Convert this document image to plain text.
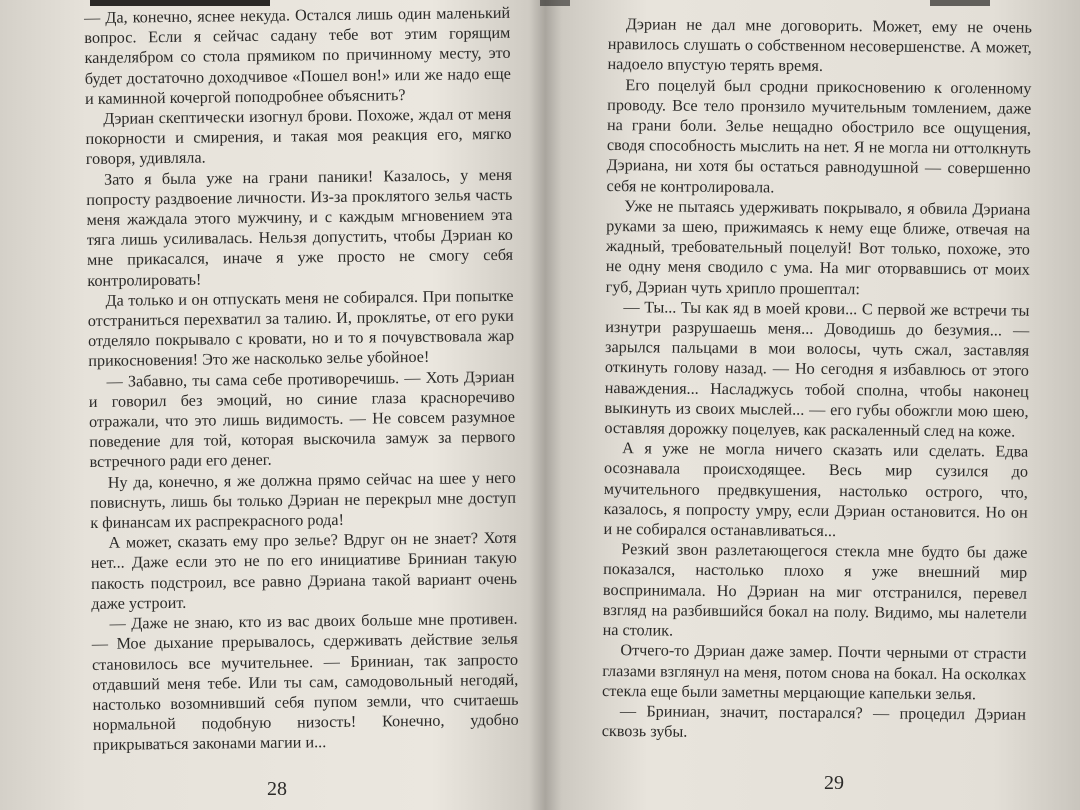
— Да, конечно, яснее некуда. Остался лишь один маленький вопрос. Если я сейчас садану тебе вот этим горящим канделябром со стола прямиком по причинному месту, это будет достаточно доходчивое «Пошел вон!» или же надо еще и каминной кочергой поподробнее объяснить?

Дэриан скептически изогнул брови. Похоже, ждал от меня покорности и смирения, и такая моя реакция его, мягко говоря, удивляла.

Зато я была уже на грани паники! Казалось, у меня попросту раздвоение личности. Из-за проклятого зелья часть меня жаждала этого мужчину, и с каждым мгновением эта тяга лишь усиливалась. Нельзя допустить, чтобы Дэриан ко мне прикасался, иначе я уже просто не смогу себя контролировать!

Да только и он отпускать меня не собирался. При попытке отстраниться перехватил за талию. И, проклятье, от его руки отделяло покрывало с кровати, но и то я почувствовала жар прикосновения! Это же насколько зелье убойное!

— Забавно, ты сама себе противоречишь. — Хоть Дэриан и говорил без эмоций, но синие глаза красноречиво отражали, что это лишь видимость. — Не совсем разумное поведение для той, которая выскочила замуж за первого встречного ради его денег.

Ну да, конечно, я же должна прямо сейчас на шее у него повиснуть, лишь бы только Дэриан не перекрыл мне доступ к финансам их распрекрасного рода!

А может, сказать ему про зелье? Вдруг он не знает? Хотя нет... Даже если это не по его инициативе Бриниан такую пакость подстроил, все равно Дэриана такой вариант очень даже устроит.

— Даже не знаю, кто из вас двоих больше мне противен. — Мое дыхание прерывалось, сдерживать действие зелья становилось все мучительнее. — Бриниан, так запросто отдавший меня тебе. Или ты сам, самодовольный негодяй, настолько возомнивший себя пупом земли, что считаешь нормальной подобную низость! Конечно, удобно прикрываться законами магии и...

28

Дэриан не дал мне договорить. Может, ему не очень нравилось слушать о собственном несовершенстве. А может, надоело впустую терять время.

Его поцелуй был сродни прикосновению к оголенному проводу. Все тело пронзило мучительным томлением, даже на грани боли. Зелье нещадно обострило все ощущения, сводя способность мыслить на нет. Я не могла ни оттолкнуть Дэриана, ни хотя бы остаться равнодушной — совершенно себя не контролировала.

Уже не пытаясь удерживать покрывало, я обвила Дэриана руками за шею, прижимаясь к нему еще ближе, отвечая на жадный, требовательный поцелуй! Вот только, похоже, это не одну меня сводило с ума. На миг оторвавшись от моих губ, Дэриан чуть хрипло прошептал:

— Ты... Ты как яд в моей крови... С первой же встречи ты изнутри разрушаешь меня... Доводишь до безумия... — зарылся пальцами в мои волосы, чуть сжал, заставляя откинуть голову назад. — Но сегодня я избавлюсь от этого наваждения... Насладжусь тобой сполна, чтобы наконец выкинуть из своих мыслей... — его губы обожгли мою шею, оставляя дорожку поцелуев, как раскаленный след на коже.

А я уже не могла ничего сказать или сделать. Едва осознавала происходящее. Весь мир сузился до мучительного предвкушения, настолько острого, что, казалось, я попросту умру, если Дэриан остановится. Но он и не собирался останавливаться...

Резкий звон разлетающегося стекла мне будто бы даже показался, настолько плохо я уже внешний мир воспринимала. Но Дэриан на миг отстранился, перевел взгляд на разбившийся бокал на полу. Видимо, мы налетели на столик.

Отчего-то Дэриан даже замер. Почти черными от страсти глазами взглянул на меня, потом снова на бокал. На осколках стекла еще были заметны мерцающие капельки зелья.

— Бриниан, значит, постарался? — процедил Дэриан сквозь зубы.

29
